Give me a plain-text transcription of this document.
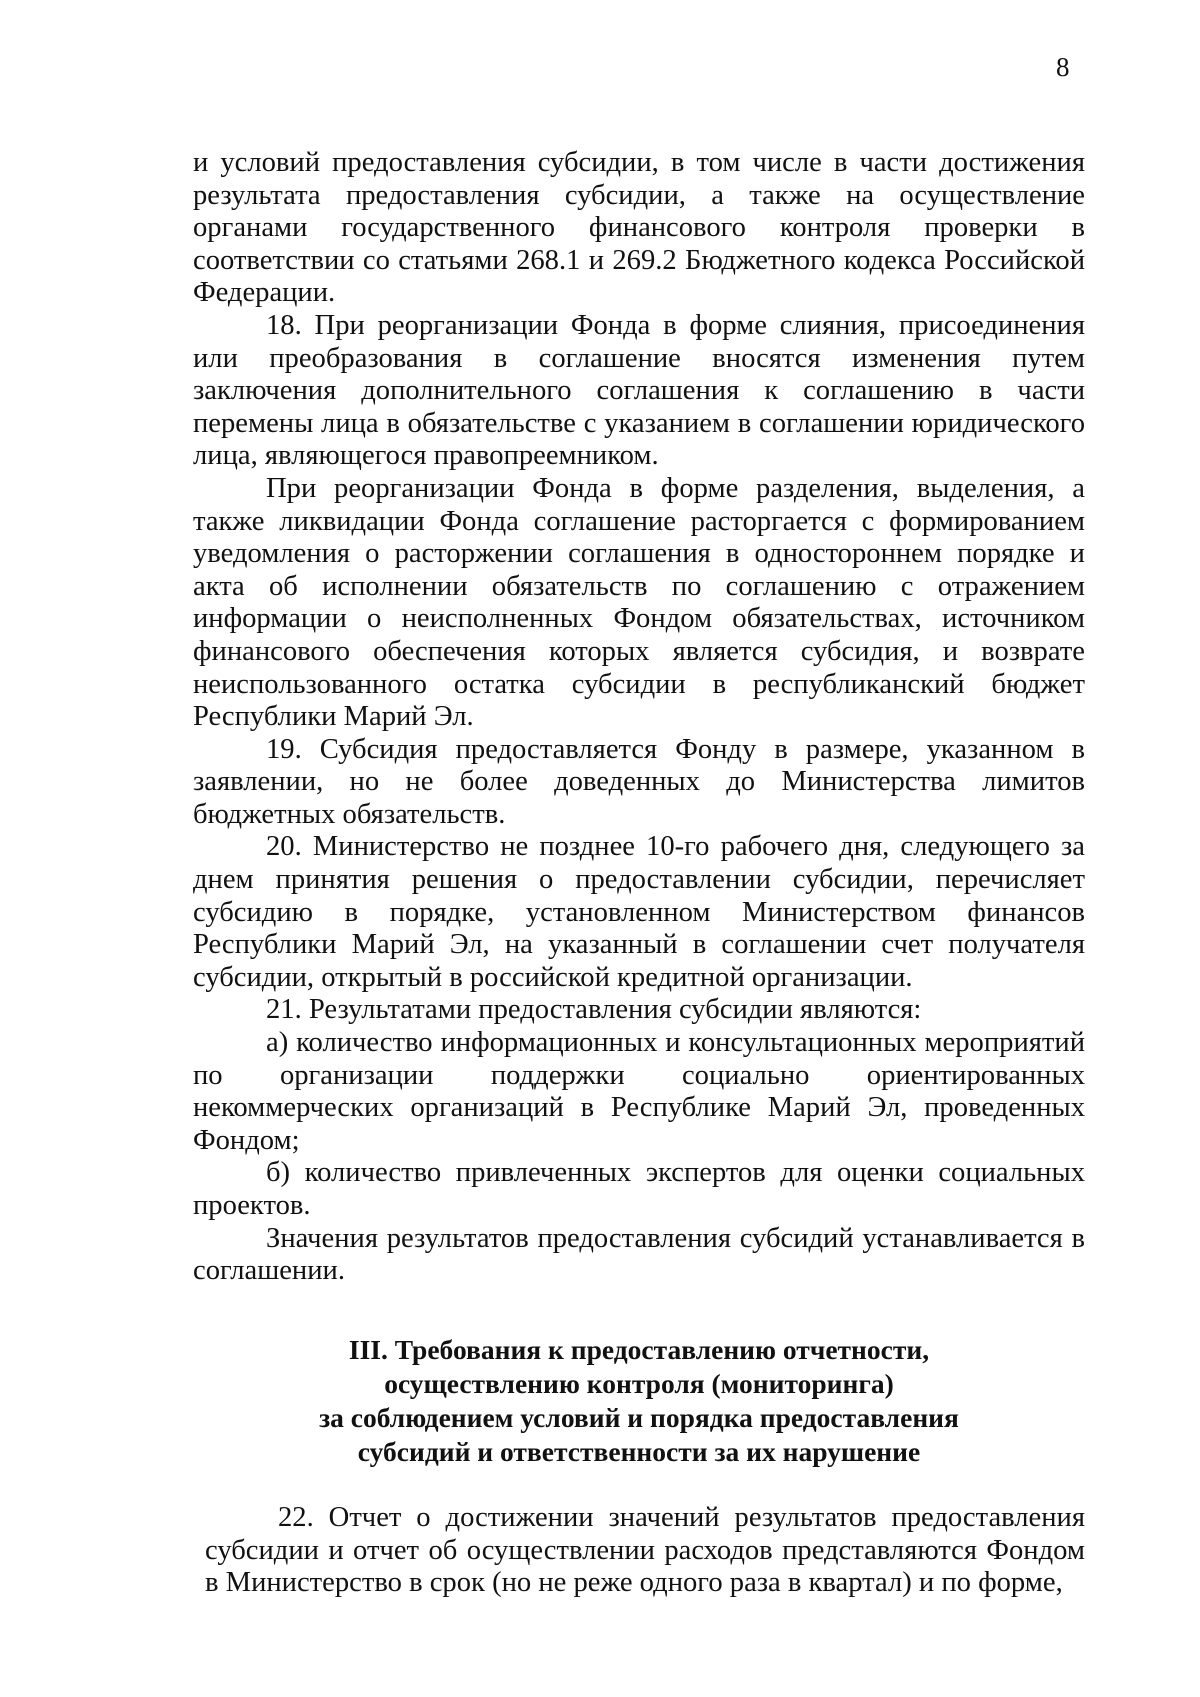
8

и условий предоставления субсидии, в том числе в части достижения результата предоставления субсидии, а также на осуществление органами государственного финансового контроля проверки в соответствии со статьями 268.1 и 269.2 Бюджетного кодекса Российской Федерации.

18. При реорганизации Фонда в форме слияния, присоединения или преобразования в соглашение вносятся изменения путем заключения дополнительного соглашения к соглашению в части перемены лица в обязательстве с указанием в соглашении юридического лица, являющегося правопреемником.

При реорганизации Фонда в форме разделения, выделения, а также ликвидации Фонда соглашение расторгается с формированием уведомления о расторжении соглашения в одностороннем порядке и акта об исполнении обязательств по соглашению с отражением информации о неисполненных Фондом обязательствах, источником финансового обеспечения которых является субсидия, и возврате неиспользованного остатка субсидии в республиканский бюджет Республики Марий Эл.

19. Субсидия предоставляется Фонду в размере, указанном в заявлении, но не более доведенных до Министерства лимитов бюджетных обязательств.

20. Министерство не позднее 10-го рабочего дня, следующего за днем принятия решения о предоставлении субсидии, перечисляет субсидию в порядке, установленном Министерством финансов Республики Марий Эл, на указанный в соглашении счет получателя субсидии, открытый в российской кредитной организации.

21. Результатами предоставления субсидии являются:

а) количество информационных и консультационных мероприятий по организации поддержки социально ориентированных некоммерческих организаций в Республике Марий Эл, проведенных Фондом;

б) количество привлеченных экспертов для оценки социальных проектов.

Значения результатов предоставления субсидий устанавливается в соглашении.

III. Требования к предоставлению отчетности,
осуществлению контроля (мониторинга)
за соблюдением условий и порядка предоставления
субсидий и ответственности за их нарушение

22. Отчет о достижении значений результатов предоставления субсидии и отчет об осуществлении расходов представляются Фондом в Министерство в срок (но не реже одного раза в квартал) и по форме,
